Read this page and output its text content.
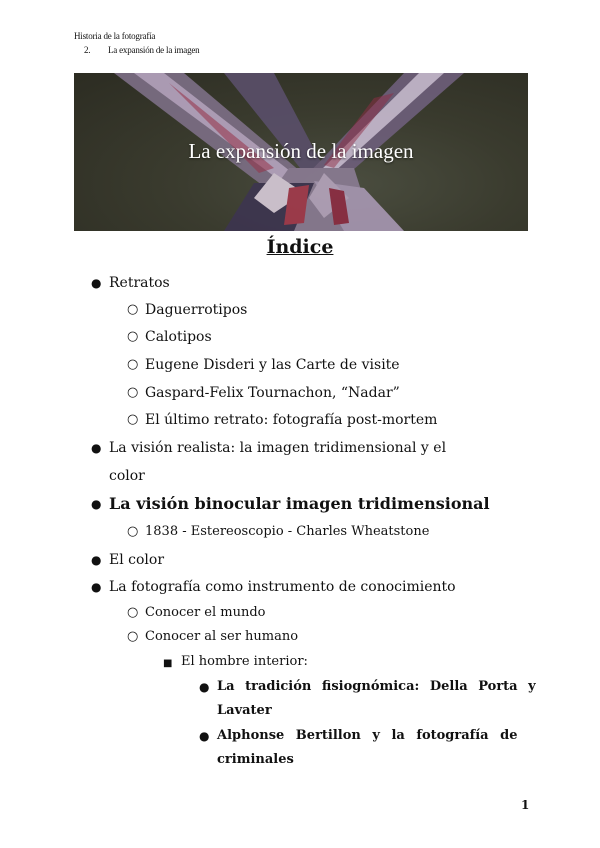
Historia de la fotografía
2. La expansión de la imagen
La expansión de la imagen
Índice
● Retratos
○ Daguerrotipos
○ Calotipos
○ Eugene Disderi y las Carte de visite
○ Gaspard-Felix Tournachon, “Nadar”
○ El último retrato: fotografía post-mortem
● La visión realista: la imagen tridimensional y el
color
● La visión binocular imagen tridimensional
○ 1838 - Estereoscopio - Charles Wheatstone
● El color
● La fotografía como instrumento de conocimiento
○ Conocer el mundo
○ Conocer al ser humano
■ El hombre interior:
● La tradición fisiognómica: Della Porta y
Lavater
● Alphonse Bertillon y la fotografía de
criminales
1
